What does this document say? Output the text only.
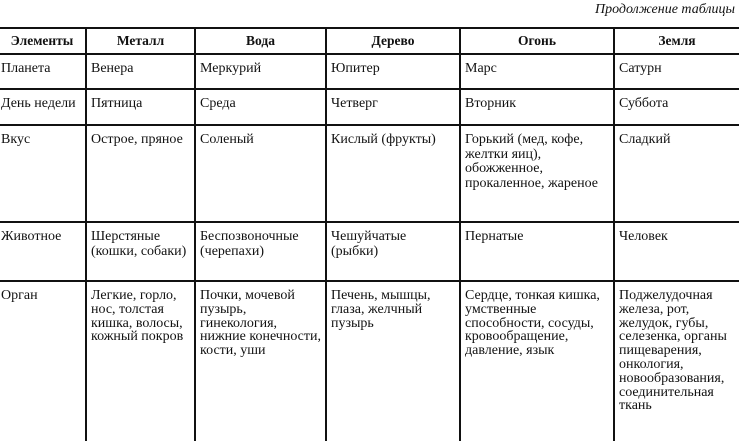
Продолжение таблицы
Элементы	Металл	Вода	Дерево	Огонь	Земля
Планета	Венера	Меркурий	Юпитер	Марс	Сатурн
День недели	Пятница	Среда	Четверг	Вторник	Суббота
Вкус	Острое, пряное	Соленый	Кислый (фрукты)	Горький (мед, кофе, желтки яиц), обожженное, прокаленное, жареное	Сладкий
Животное	Шерстяные (кошки, собаки)	Беспозвоночные (черепахи)	Чешуйчатые (рыбки)	Пернатые	Человек
Орган	Легкие, горло, нос, толстая кишка, волосы, кожный покров	Почки, мочевой пузырь, гинекология, нижние конечности, кости, уши	Печень, мышцы, глаза, желчный пузырь	Сердце, тонкая кишка, умственные способности, сосуды, кровообращение, давление, язык	Поджелудочная железа, рот, желудок, губы, селезенка, органы пищеварения, онкология, новообразования, соединительная ткань
